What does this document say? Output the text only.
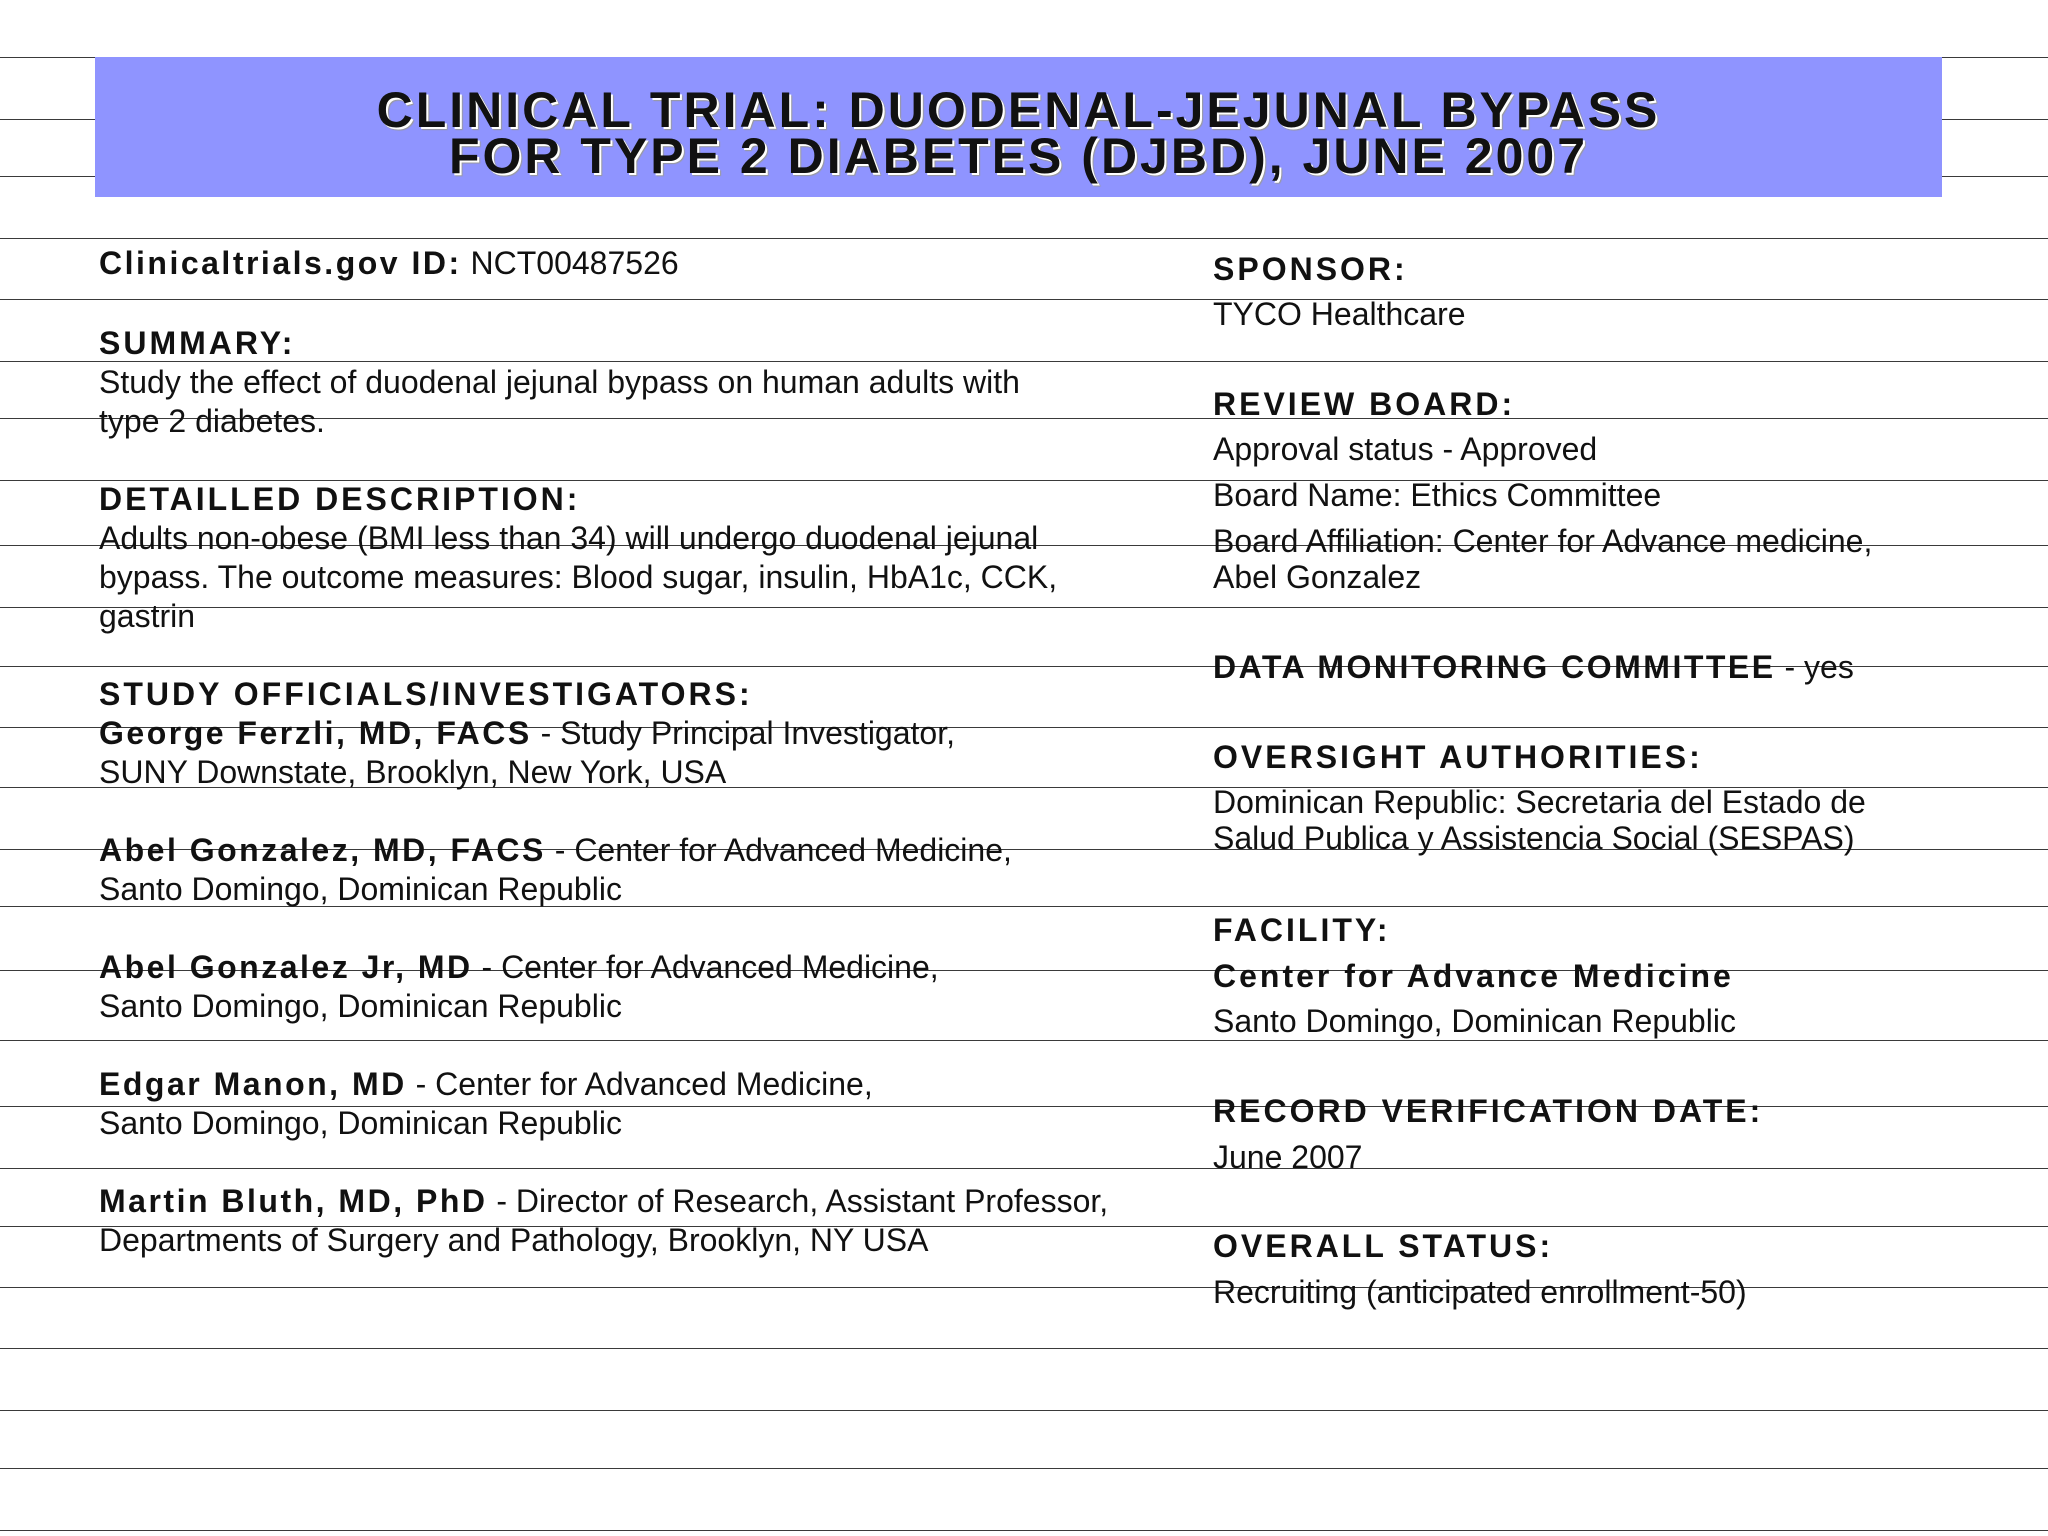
CLINICAL TRIAL: DUODENAL-JEJUNAL BYPASS
FOR TYPE 2 DIABETES (DJBD), JUNE 2007
Clinicaltrials.gov ID: NCT00487526
SUMMARY:
Study the effect of duodenal jejunal bypass on human adults with
type 2 diabetes.
DETAILLED DESCRIPTION:
Adults non-obese (BMI less than 34) will undergo duodenal jejunal
bypass. The outcome measures: Blood sugar, insulin, HbA1c, CCK,
gastrin
STUDY OFFICIALS/INVESTIGATORS:
George Ferzli, MD, FACS - Study Principal Investigator,
SUNY Downstate, Brooklyn, New York, USA
Abel Gonzalez, MD, FACS - Center for Advanced Medicine,
Santo Domingo, Dominican Republic
Abel Gonzalez Jr, MD - Center for Advanced Medicine,
Santo Domingo, Dominican Republic
Edgar Manon, MD - Center for Advanced Medicine,
Santo Domingo, Dominican Republic
Martin Bluth, MD, PhD - Director of Research, Assistant Professor,
Departments of Surgery and Pathology, Brooklyn, NY USA
SPONSOR:
TYCO Healthcare
REVIEW BOARD:
Approval status - Approved
Board Name: Ethics Committee
Board Affiliation: Center for Advance medicine,
Abel Gonzalez
DATA MONITORING COMMITTEE - yes
OVERSIGHT AUTHORITIES:
Dominican Republic: Secretaria del Estado de
Salud Publica y Assistencia Social (SESPAS)
FACILITY:
Center for Advance Medicine
Santo Domingo, Dominican Republic
RECORD VERIFICATION DATE:
June 2007
OVERALL STATUS:
Recruiting (anticipated enrollment-50)
